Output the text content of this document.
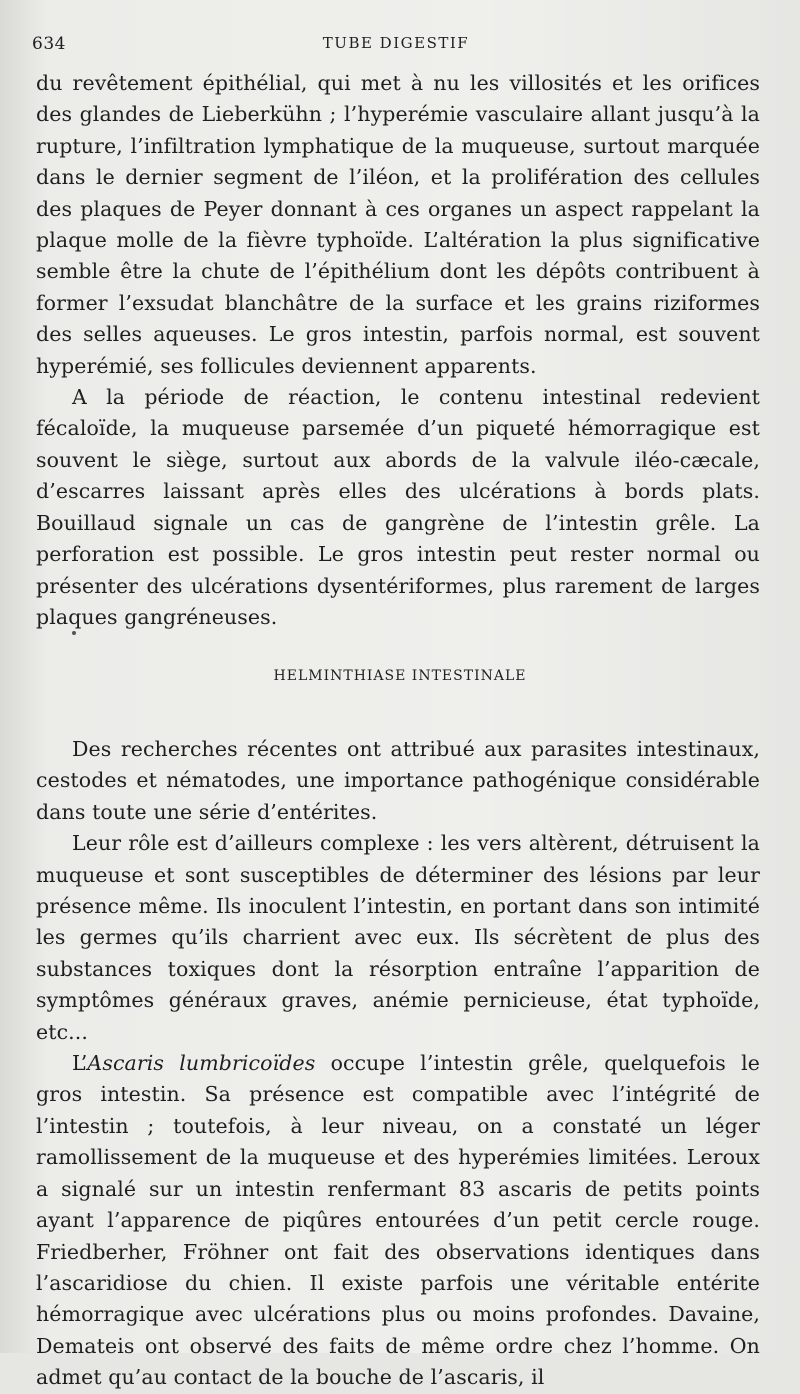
634	TUBE DIGESTIF

du revêtement épithélial, qui met à nu les villosités et les orifices des glandes de Lieberkühn ; l’hyperémie vasculaire allant jusqu’à la rupture, l’infiltration lymphatique de la muqueuse, surtout marquée dans le dernier segment de l’iléon, et la prolifération des cellules des plaques de Peyer donnant à ces organes un aspect rappelant la plaque molle de la fièvre typhoïde. L’altération la plus significative semble être la chute de l’épithélium dont les dépôts contribuent à former l’exsudat blanchâtre de la surface et les grains riziformes des selles aqueuses. Le gros intestin, parfois normal, est souvent hyperémié, ses follicules deviennent apparents.

A la période de réaction, le contenu intestinal redevient fécaloïde, la muqueuse parsemée d’un piqueté hémorragique est souvent le siège, surtout aux abords de la valvule iléo-cæcale, d’escarres laissant après elles des ulcérations à bords plats. Bouillaud signale un cas de gangrène de l’intestin grêle. La perforation est possible. Le gros intestin peut rester normal ou présenter des ulcérations dysentériformes, plus rarement de larges plaques gangréneuses.

HELMINTHIASE INTESTINALE

Des recherches récentes ont attribué aux parasites intestinaux, cestodes et nématodes, une importance pathogénique considérable dans toute une série d’entérites.

Leur rôle est d’ailleurs complexe : les vers altèrent, détruisent la muqueuse et sont susceptibles de déterminer des lésions par leur présence même. Ils inoculent l’intestin, en portant dans son intimité les germes qu’ils charrient avec eux. Ils sécrètent de plus des substances toxiques dont la résorption entraîne l’apparition de symptômes généraux graves, anémie pernicieuse, état typhoïde, etc...

L’Ascaris lumbricoïdes occupe l’intestin grêle, quelquefois le gros intestin. Sa présence est compatible avec l’intégrité de l’intestin ; toutefois, à leur niveau, on a constaté un léger ramollissement de la muqueuse et des hyperémies limitées. Leroux a signalé sur un intestin renfermant 83 ascaris de petits points ayant l’apparence de piqûres entourées d’un petit cercle rouge. Friedberher, Fröhner ont fait des observations identiques dans l’ascaridiose du chien. Il existe parfois une véritable entérite hémorragique avec ulcérations plus ou moins profondes. Davaine, Demateis ont observé des faits de même ordre chez l’homme. On admet qu’au contact de la bouche de l’ascaris, il
